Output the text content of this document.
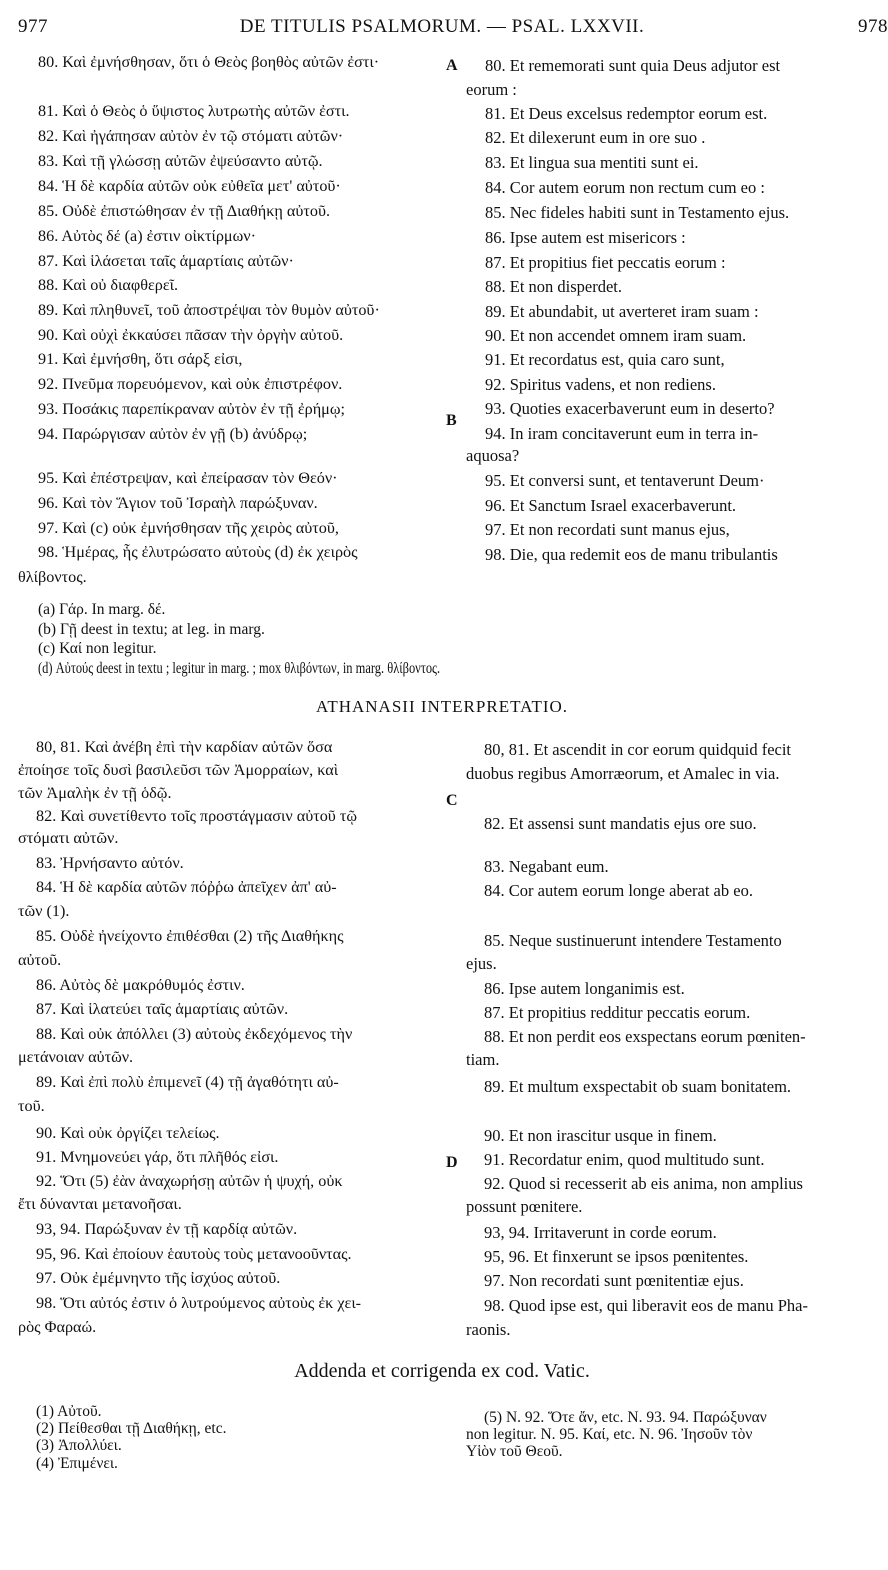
977	DE TITULIS PSALMORUM. — PSAL. LXXVII.	978
80. Καὶ ἐμνήσθησαν, ὅτι ὁ Θεὸς βοηθὸς αὐτῶν ἐστι·
81. Καὶ ὁ Θεὸς ὁ ὕψιστος λυτρωτὴς αὐτῶν ἐστι.
82. Καὶ ἠγάπησαν αὐτὸν ἐν τῷ στόματι αὐτῶν·
83. Καὶ τῇ γλώσσῃ αὐτῶν ἐψεύσαντο αὐτῷ.
84. Ἡ δὲ καρδία αὐτῶν οὐκ εὐθεῖα μετ' αὐτοῦ·
85. Οὐδὲ ἐπιστώθησαν ἐν τῇ Διαθήκῃ αὐτοῦ.
86. Αὐτὸς δέ (a) ἐστιν οἰκτίρμων·
87. Καὶ ἱλάσεται ταῖς ἁμαρτίαις αὐτῶν·
88. Καὶ οὐ διαφθερεῖ.
89. Καὶ πληθυνεῖ, τοῦ ἀποστρέψαι τὸν θυμὸν αὐτοῦ·
90. Καὶ οὐχὶ ἐκκαύσει πᾶσαν τὴν ὀργὴν αὐτοῦ.
91. Καὶ ἐμνήσθη, ὅτι σάρξ εἰσι,
92. Πνεῦμα πορευόμενον, καὶ οὐκ ἐπιστρέφον.
93. Ποσάκις παρεπίκραναν αὐτὸν ἐν τῇ ἐρήμῳ;
94. Παρώργισαν αὐτὸν ἐν γῇ (b) ἀνύδρῳ;
95. Καὶ ἐπέστρεψαν, καὶ ἐπείρασαν τὸν Θεόν·
96. Καὶ τὸν Ἅγιον τοῦ Ἰσραὴλ παρώξυναν.
97. Καὶ (c) οὐκ ἐμνήσθησαν τῆς χειρὸς αὐτοῦ,
98. Ἡμέρας, ἧς ἐλυτρώσατο αὐτοὺς (d) ἐκ χειρὸς
θλίβοντος.
A
B
C
D
80. Et rememorati sunt quia Deus adjutor est
eorum :
81. Et Deus excelsus redemptor eorum est.
82. Et dilexerunt eum in ore suo .
83. Et lingua sua mentiti sunt ei.
84. Cor autem eorum non rectum cum eo :
85. Nec fideles habiti sunt in Testamento ejus.
86. Ipse autem est misericors :
87. Et propitius fiet peccatis eorum :
88. Et non disperdet.
89. Et abundabit, ut averteret iram suam :
90. Et non accendet omnem iram suam.
91. Et recordatus est, quia caro sunt,
92. Spiritus vadens, et non rediens.
93. Quoties exacerbaverunt eum in deserto?
94. In iram concitaverunt eum in terra in-
aquosa?
95. Et conversi sunt, et tentaverunt Deum·
96. Et Sanctum Israel exacerbaverunt.
97. Et non recordati sunt manus ejus,
98. Die, qua redemit eos de manu tribulantis
(a) Γάρ. In marg. δέ.
(b) Γῇ deest in textu; at leg. in marg.
(c) Καί non legitur.
(d) Αὐτούς deest in textu ; legitur in marg. ; mox θλιβόντων, in marg. θλίβοντος.
ATHANASII INTERPRETATIO.
80, 81. Καὶ ἀνέβη ἐπὶ τὴν καρδίαν αὐτῶν ὅσα
ἐποίησε τοῖς δυσὶ βασιλεῦσι τῶν Ἀμορραίων, καὶ
τῶν Ἀμαλὴκ ἐν τῇ ὁδῷ.
82. Καὶ συνετίθεντο τοῖς προστάγμασιν αὐτοῦ τῷ
στόματι αὐτῶν.
83. Ἠρνήσαντο αὐτόν.
84. Ἡ δὲ καρδία αὐτῶν πόῤῥω ἀπεῖχεν ἀπ' αὐ-
τῶν (1).
85. Οὐδὲ ἠνείχοντο ἐπιθέσθαι (2) τῆς Διαθήκης
αὐτοῦ.
86. Αὐτὸς δὲ μακρόθυμός ἐστιν.
87. Καὶ ἱλατεύει ταῖς ἁμαρτίαις αὐτῶν.
88. Καὶ οὐκ ἀπόλλει (3) αὐτοὺς ἐκδεχόμενος τὴν
μετάνοιαν αὐτῶν.
89. Καὶ ἐπὶ πολὺ ἐπιμενεῖ (4) τῇ ἀγαθότητι αὐ-
τοῦ.
90. Καὶ οὐκ ὀργίζει τελείως.
91. Μνημονεύει γάρ, ὅτι πλῆθός εἰσι.
92. Ὅτι (5) ἐὰν ἀναχωρήσῃ αὐτῶν ἡ ψυχή, οὐκ
ἔτι δύνανται μετανοῆσαι.
93, 94. Παρώξυναν ἐν τῇ καρδίᾳ αὐτῶν.
95, 96. Καὶ ἐποίουν ἑαυτοὺς τοὺς μετανοοῦντας.
97. Οὐκ ἐμέμνηντο τῆς ἰσχύος αὐτοῦ.
98. Ὅτι αὐτός ἐστιν ὁ λυτρούμενος αὐτοὺς ἐκ χει-
ρὸς Φαραώ.
80, 81. Et ascendit in cor eorum quidquid fecit
duobus regibus Amorræorum, et Amalec in via.
82. Et assensi sunt mandatis ejus ore suo.
83. Negabant eum.
84. Cor autem eorum longe aberat ab eo.
85. Neque sustinuerunt intendere Testamento
ejus.
86. Ipse autem longanimis est.
87. Et propitius redditur peccatis eorum.
88. Et non perdit eos exspectans eorum pœniten-
tiam.
89. Et multum exspectabit ob suam bonitatem.
90. Et non irascitur usque in finem.
91. Recordatur enim, quod multitudo sunt.
92. Quod si recesserit ab eis anima, non amplius
possunt pœnitere.
93, 94. Irritaverunt in corde eorum.
95, 96. Et finxerunt se ipsos pœnitentes.
97. Non recordati sunt pœnitentiæ ejus.
98. Quod ipse est, qui liberavit eos de manu Pha-
raonis.
Addenda et corrigenda ex cod. Vatic.
(1) Αὐτοῦ.
(2) Πείθεσθαι τῇ Διαθήκῃ, etc.
(3) Ἀπολλύει.
(4) Ἐπιμένει.
(5) N. 92. Ὅτε ἄν, etc. N. 93. 94. Παρώξυναν
non legitur. N. 95. Καί, etc. N. 96. Ἰησοῦν τὸν
Υἱὸν τοῦ Θεοῦ.
